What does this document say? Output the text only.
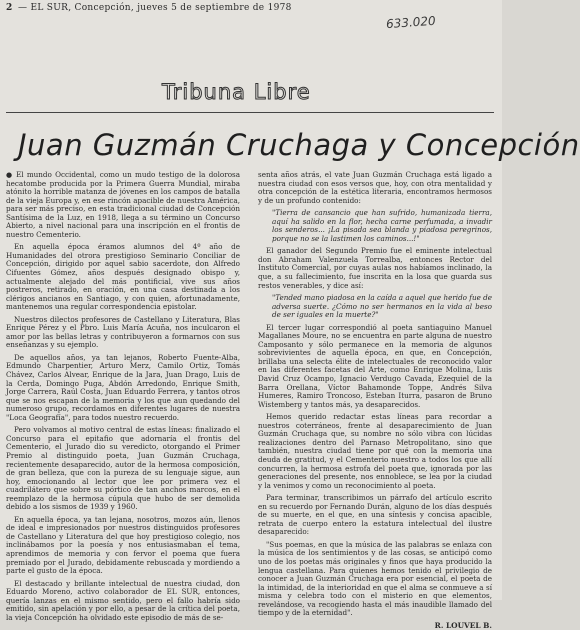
2 — EL SUR, Concepción, jueves 5 de septiembre de 1978
633.020
Tribuna Libre
Juan Guzmán Cruchaga y Concepción

● El mundo Occidental, como un mudo testigo de la dolorosa hecatombe producida por la Primera Guerra Mundial, miraba atónito la horrible matanza de jóvenes en los campos de batalla de la vieja Europa y, en ese rincón apacible de nuestra América, para ser más preciso, en esta tradicional ciudad de Concepción Santísima de la Luz, en 1918, llega a su término un Concurso Abierto, a nivel nacional para una inscripción en el frontis de nuestro Cementerio.

En aquella época éramos alumnos del 4º año de Humanidades del otrora prestigioso Seminario Conciliar de Concepción, dirigido por aquel sabio sacerdote, don Alfredo Cifuentes Gómez, años después designado obispo y, actualmente alejado del más pontificial, vive sus años postreros, retirado, en oración, en una casa destinada a los clérigos ancianos en Santiago, y con quien, afortunadamente, mantenemos una regular correspondencia epistolar.

Nuestros dilectos profesores de Castellano y Literatura, Blas Enrique Pérez y el Pbro. Luis María Acuña, nos inculcaron el amor por las bellas letras y contribuyeron a formarnos con sus enseñanzas y su ejemplo.

De aquellos años, ya tan lejanos, Roberto Fuente-Alba, Edmundo Charpentier, Arturo Merz, Camilo Ortiz, Tomás Chávez, Carlos Alvear, Enrique de la Jara, Juan Drago, Luis de la Cerda, Domingo Puga, Abdón Arredondo, Enrique Smith, Jorge Carrera, Raúl Costa, Juan Eduardo Ferrera, y tantos otros que se nos escapan de la memoria y los que aun quedando del numeroso grupo, recordamos en diferentes lugares de nuestra "Loca Geografía", para todos nuestro recuerdo.

Pero volvamos al motivo central de estas líneas: finalizado el Concurso para el epitafio que adornaría el frontis del Cementerio, el Jurado dio su veredicto, otorgando el Primer Premio al distinguido poeta, Juan Guzmán Cruchaga, recientemente desaparecido, autor de la hermosa composición, de gran belleza, que con la pureza de su lenguaje sigue, aun hoy, emocionando al lector que lee por primera vez el cuadrilátero que sobre su pórtico de tan anchos marcos, en el reemplazo de la hermosa cúpula que hubo de ser demolida debido a los sismos de 1939 y 1960.

En aquella época, ya tan lejana, nosotros, mozos aún, llenos de ideal e impresionados por nuestros distinguidos profesores de Castellano y Literatura del que hoy prestigioso colegio, nos inclinábamos por la poesía y nos entusiasmaban el tema, aprendimos de memoria y con fervor el poema que fuera premiado por el Jurado, debidamente rebuscada y mordiendo a parte el gusto de la época.

El destacado y brillante intelectual de nuestra ciudad, don Eduardo Moreno, activo colaborador de EL SUR, entonces, quería lanzas en el mismo sentido, pero el fallo habría sido emitido, sin apelación y por ello, a pesar de la crítica del poeta, la vieja Concepción ha olvidado este episodio de más de se-

senta años atrás, el vate Juan Guzmán Cruchaga está ligado a nuestra ciudad con esos versos que, hoy, con otra mentalidad y otra concepción de la estética literaria, encontramos hermosos y de un profundo contenido:

"Tierra de cansancio que han sufrido, humanizada tierra, aquí ha salido en la flor, hecha carne perfumada, a invadir los senderos... ¡La pisada sea blanda y piadosa peregrinos, porque no se la lastimen los caminos...!"

El ganador del Segundo Premio fue el eminente intelectual don Abraham Valenzuela Torrealba, entonces Rector del Instituto Comercial, por cuyas aulas nos habíamos inclinado, la que, a su fallecimiento, fue inscrita en la losa que guarda sus restos venerables, y dice así:

"Tended mano piadosa en la caída a aquel que herido fue de adversa suerte. ¿Cómo no ser hermanos en la vida al beso de ser iguales en la muerte?"

El tercer lugar correspondió al poeta santiaguino Manuel Magallanes Moure, no se encuentra en parte alguna de nuestro Camposanto y sólo permanece en la memoria de algunos sobrevivientes de aquella época, en que, en Concepción, brillaba una selecta élite de intelectuales de reconocido valor en las diferentes facetas del Arte, como Enrique Molina, Luis David Cruz Ocampo, Ignacio Verdugo Cavada, Ezequiel de la Barra Orellana, Víctor Bahamonde Toppe, Andrés Silva Humeres, Ramiro Troncoso, Esteban Iturra, pasaron de Bruno Wistemberg y tantos más, ya desaparecidos.

Hemos querido redactar estas líneas para recordar a nuestros coterráneos, frente al desaparecimiento de Juan Guzmán Cruchaga que, su nombre no sólo vibra con lúcidas realizaciones dentro del Parnaso Metropolitano, sino que también, nuestra ciudad tiene por qué con la memoria una deuda de gratitud, y el Cementerio nuestro a todos los que allí concurren, la hermosa estrofa del poeta que, ignorada por las generaciones del presente, nos ennoblece, se lea por la ciudad y la venimos y como un reconocimiento al poeta.

Para terminar, transcribimos un párrafo del artículo escrito en su recuerdo por Fernando Durán, alguno de los días después de su muerte, en el que, en una síntesis y concisa apacible, retrata de cuerpo entero la estatura intelectual del ilustre desaparecido:

"Sus poemas, en que la música de las palabras se enlaza con la música de los sentimientos y de las cosas, se anticipó como uno de los poetas más originales y finos que haya producido la lengua castellana. Para quienes hemos tenido el privilegio de conocer a Juan Guzmán Cruchaga era por esencial, el poeta de la intimidad, de la interioridad en que el alma se conmueve a sí misma y celebra todo con el misterio en que elementos, revelándose, va recogiendo hasta el más inaudible llamado del tiempo y de la eternidad".

R. LOUVEL B.
